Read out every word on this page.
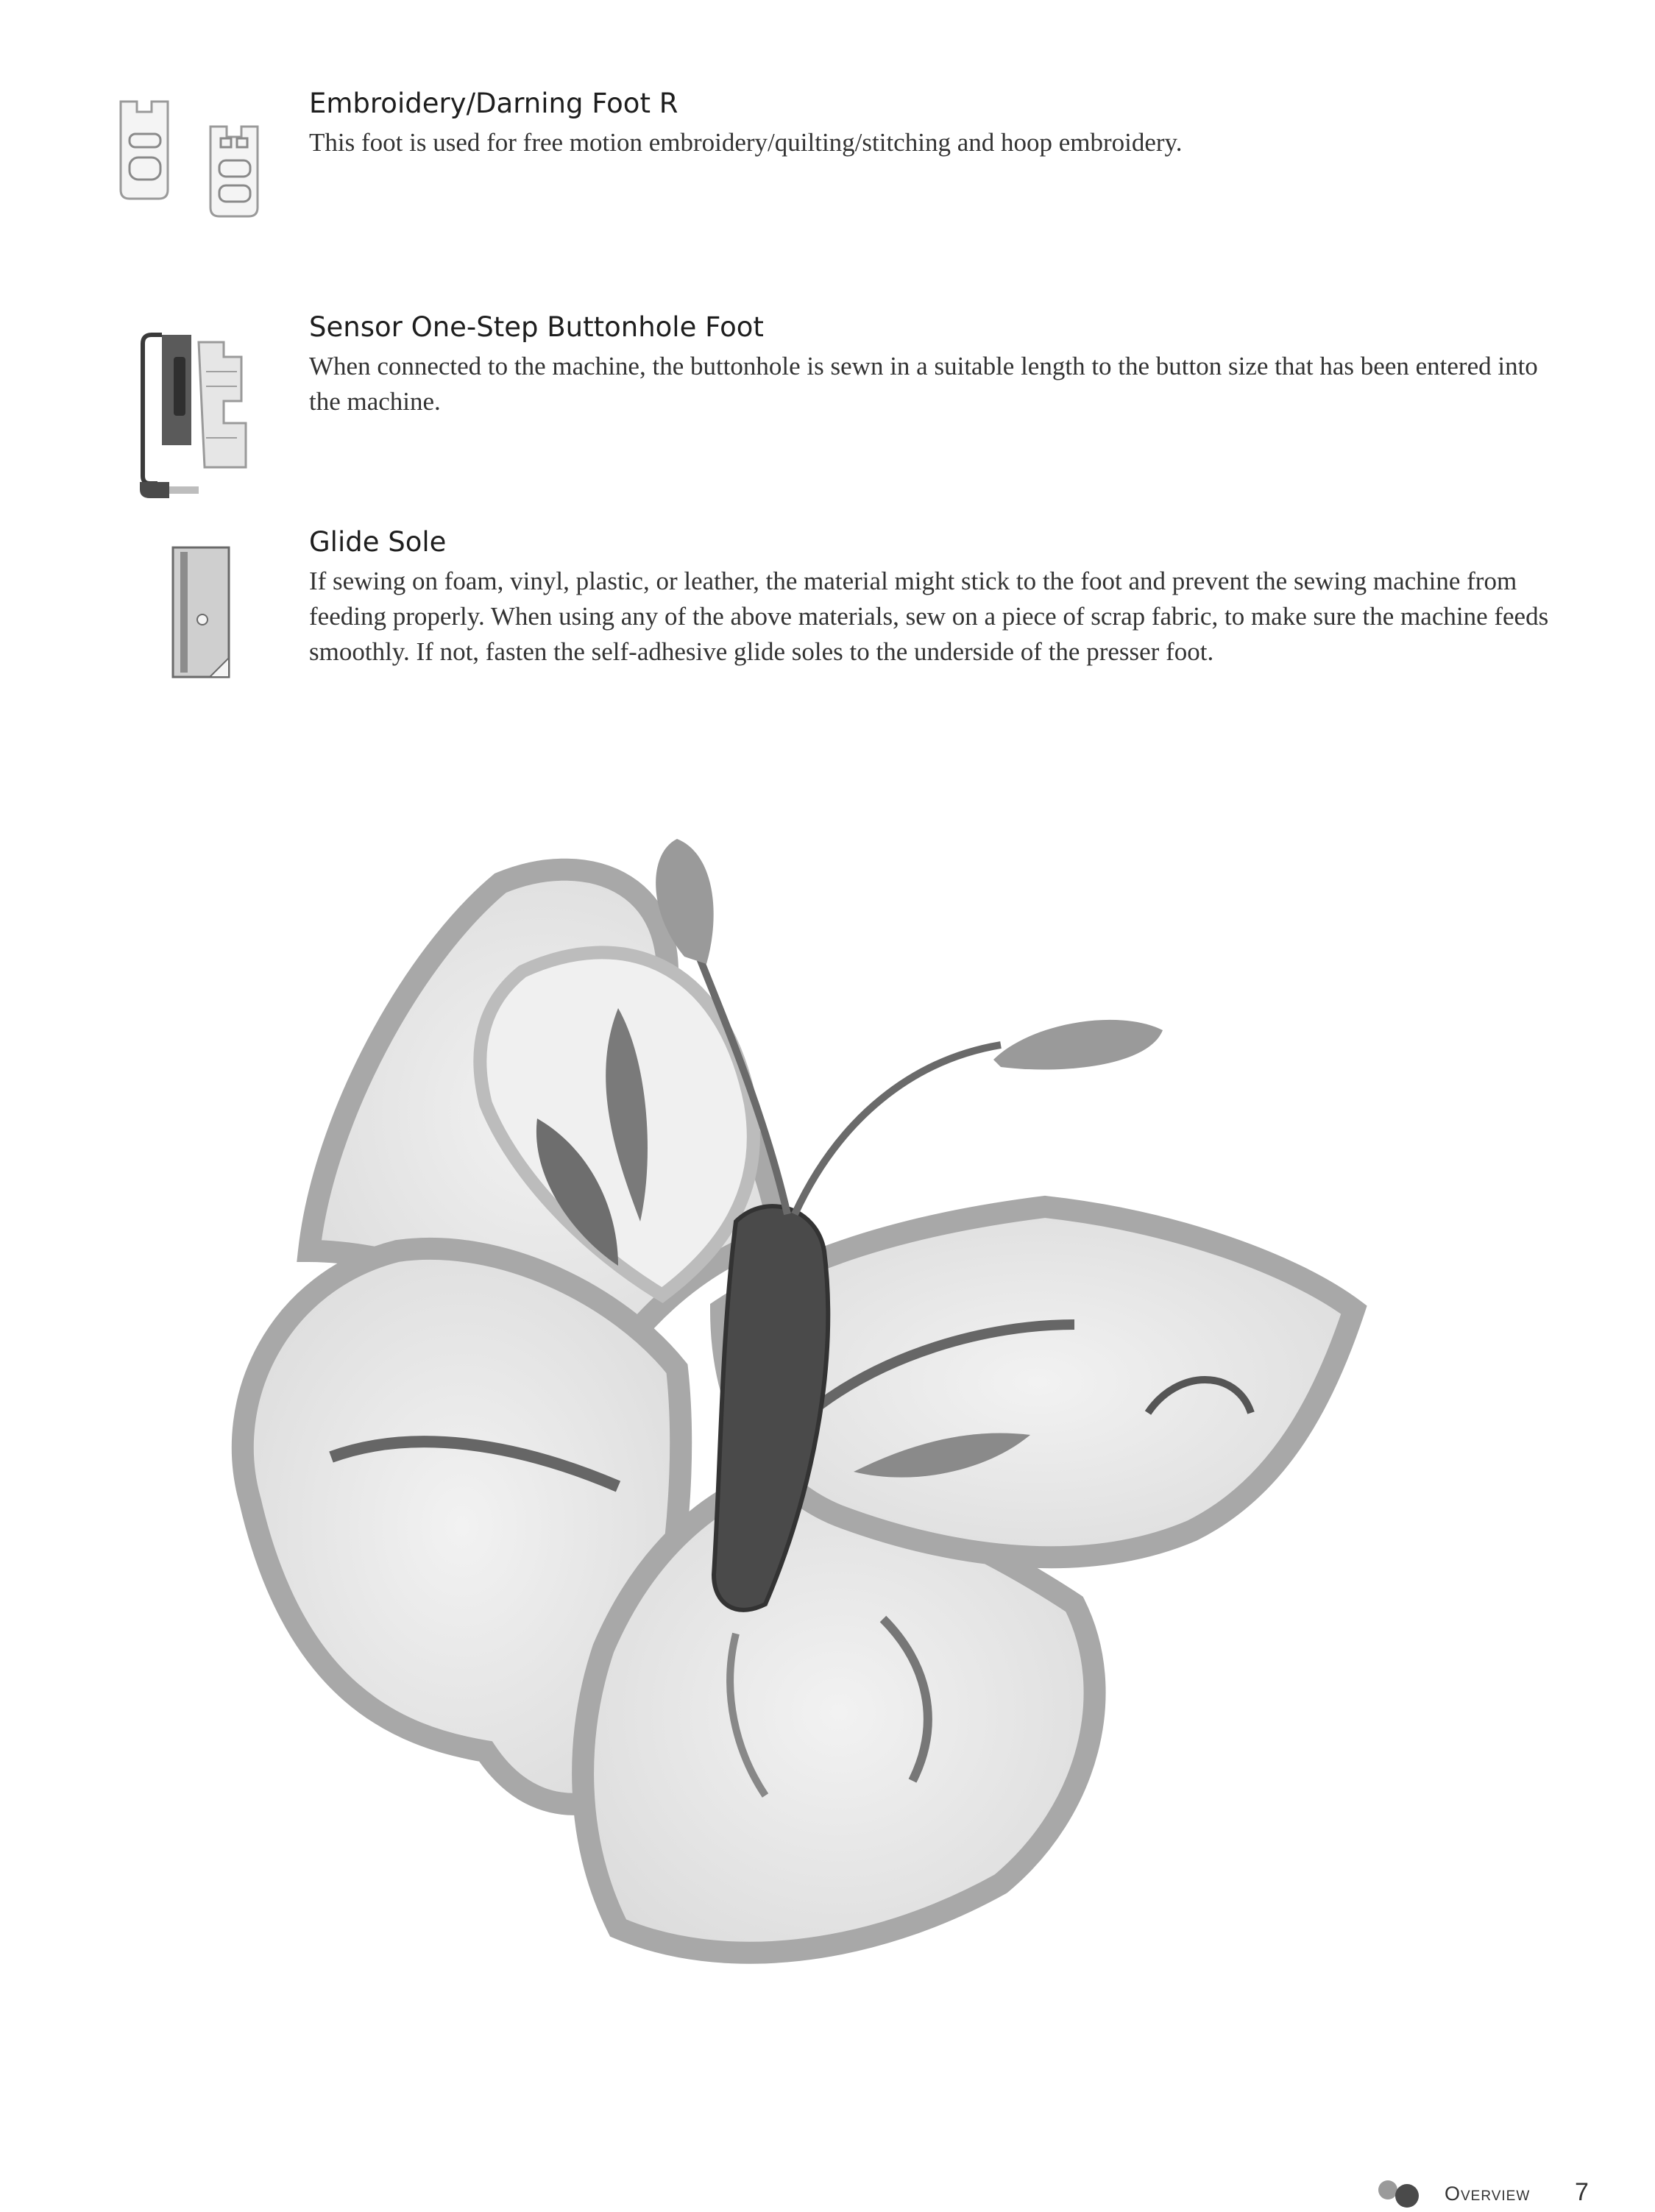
Embroidery/Darning Foot R

This foot is used for free motion embroidery/quilting/stitching and hoop embroidery.

Sensor One-Step Buttonhole Foot

When connected to the machine, the buttonhole is sewn in a suitable length to the button size that has been entered into the machine.

Glide Sole

If sewing on foam, vinyl, plastic, or leather, the material might stick to the foot and prevent the sewing machine from feeding properly. When using any of the above materials, sew on a piece of scrap fabric, to make sure the machine feeds smoothly. If not, fasten the self-adhesive glide soles to the underside of the presser foot.

Overview 7
